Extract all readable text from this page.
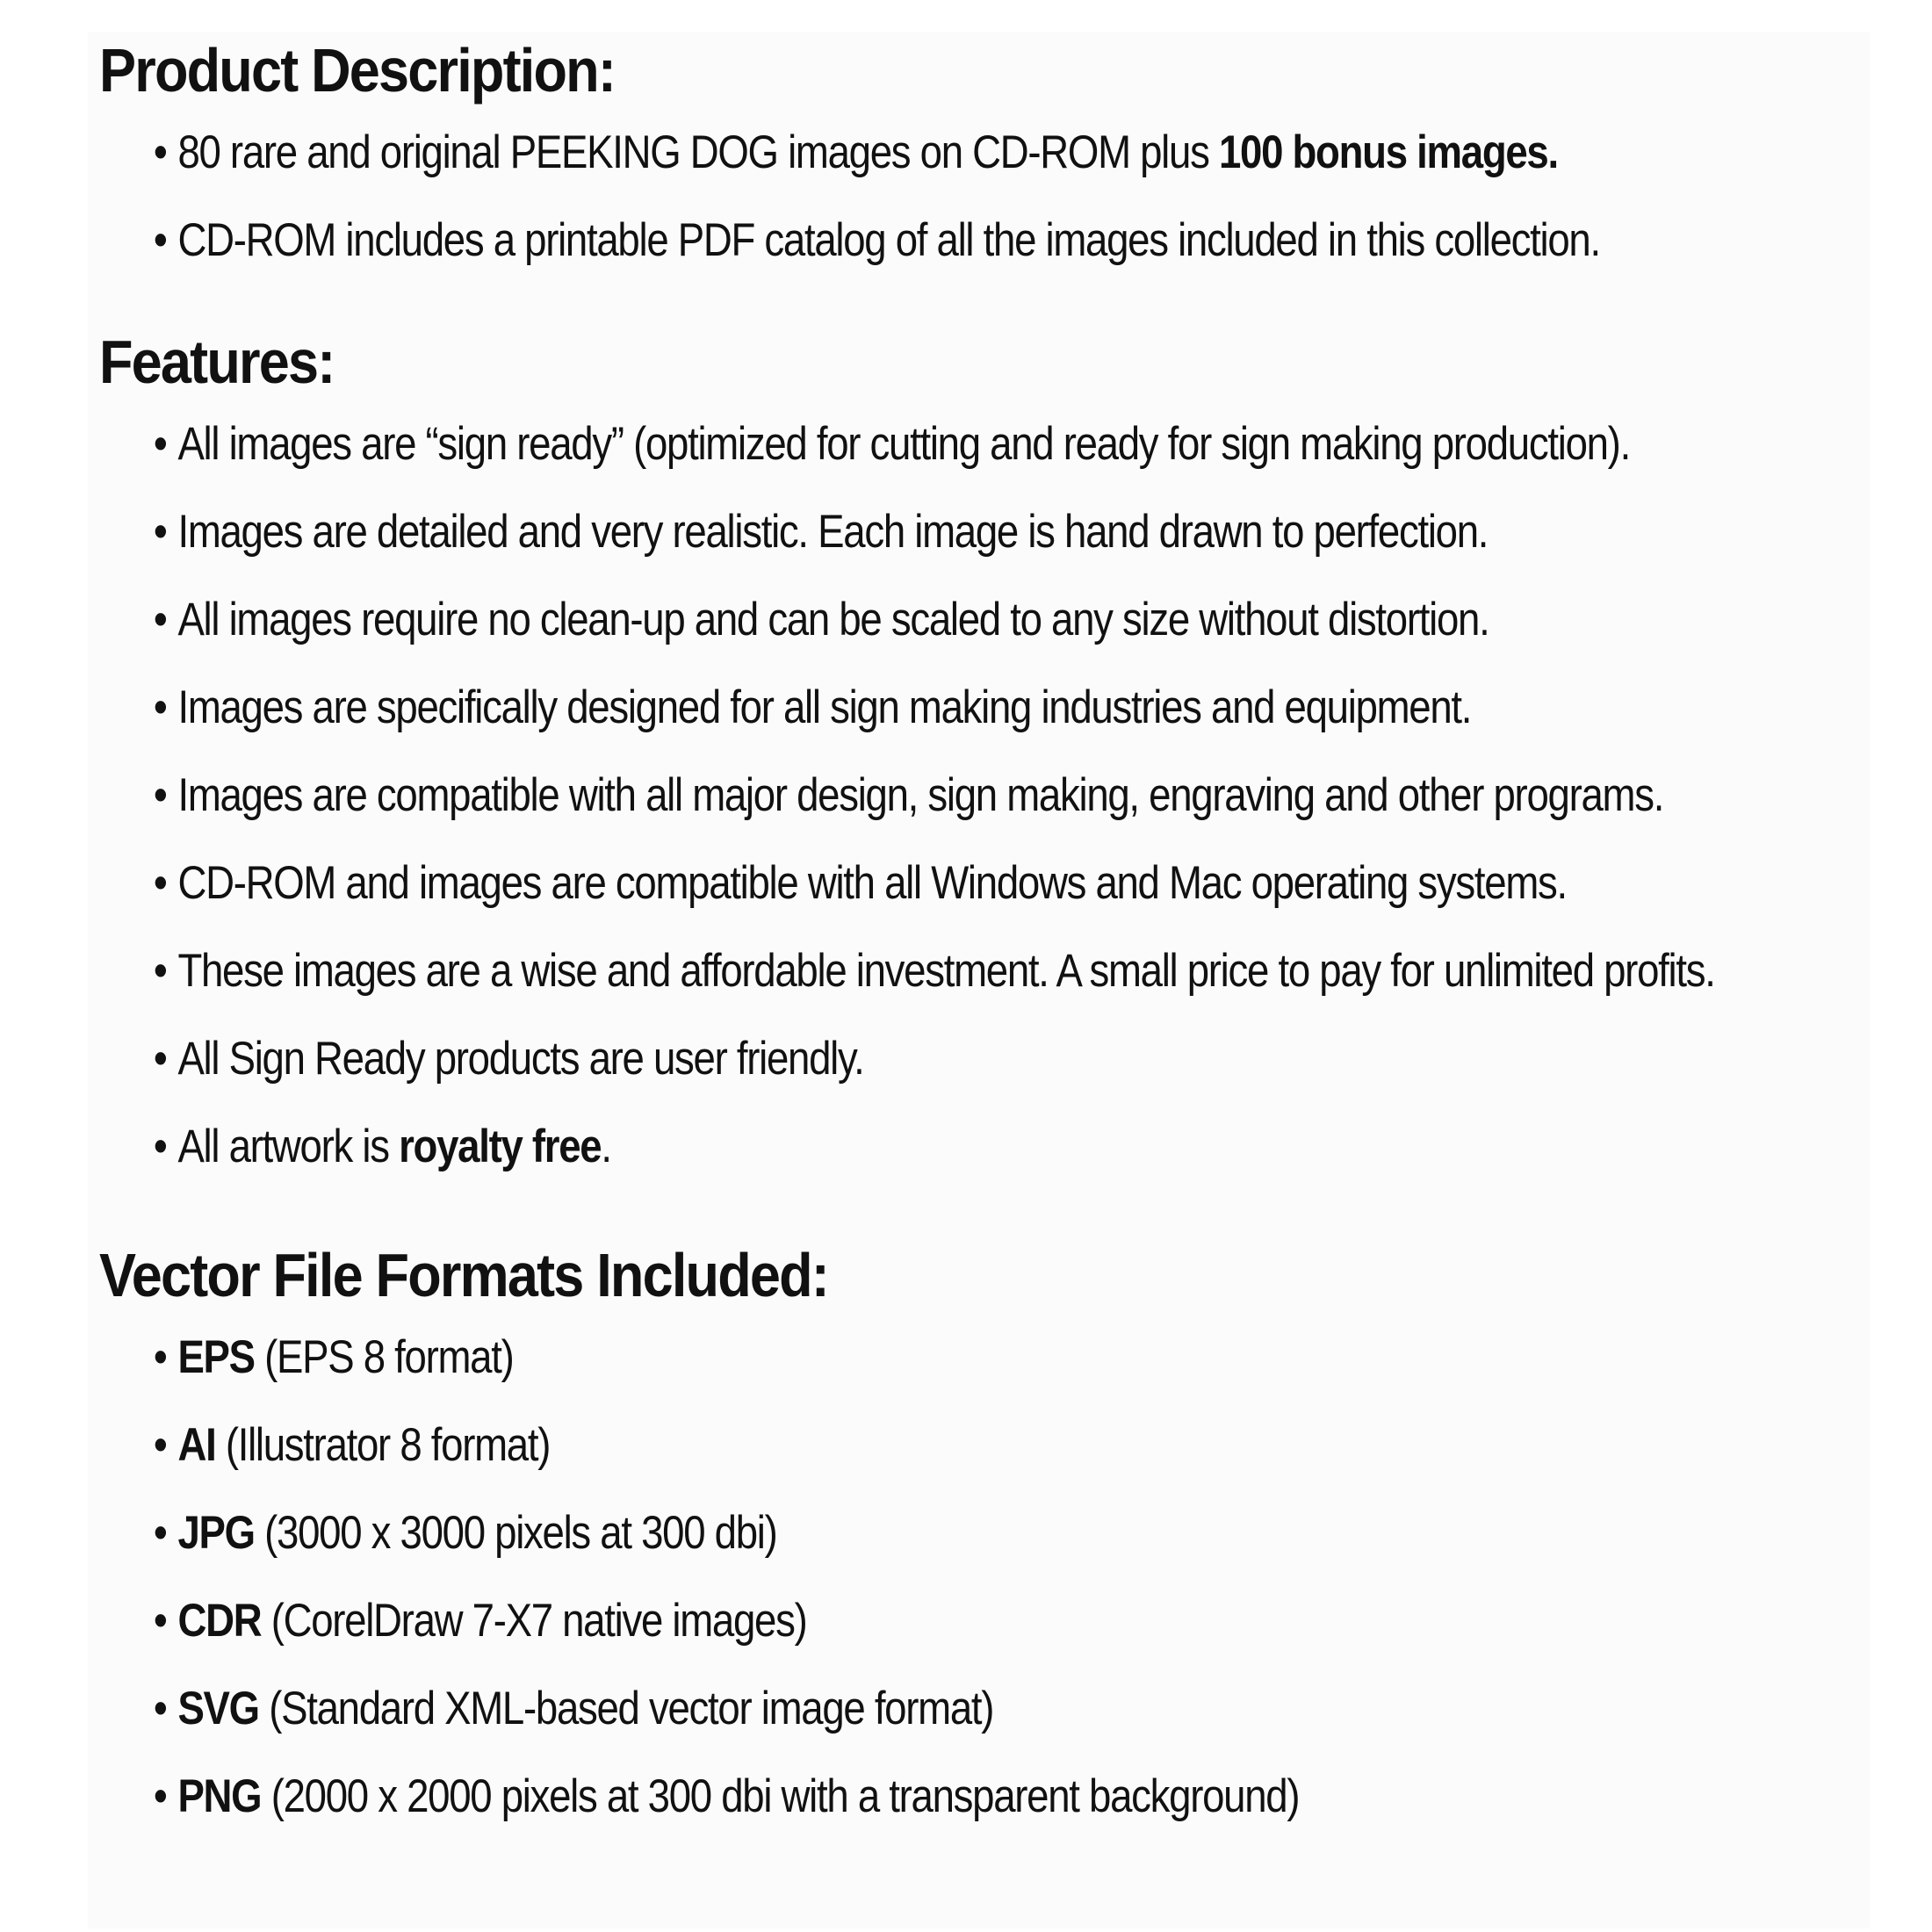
Product Description:
• 80 rare and original PEEKING DOG images on CD-ROM plus 100 bonus images.
• CD-ROM includes a printable PDF catalog of all the images included in this collection.
Features:
• All images are “sign ready” (optimized for cutting and ready for sign making production).
• Images are detailed and very realistic. Each image is hand drawn to perfection.
• All images require no clean-up and can be scaled to any size without distortion.
• Images are specifically designed for all sign making industries and equipment.
• Images are compatible with all major design, sign making, engraving and other programs.
• CD-ROM and images are compatible with all Windows and Mac operating systems.
• These images are a wise and affordable investment. A small price to pay for unlimited profits.
• All Sign Ready products are user friendly.
• All artwork is royalty free.
Vector File Formats Included:
• EPS (EPS 8 format)
• AI (Illustrator 8 format)
• JPG (3000 x 3000 pixels at 300 dbi)
• CDR (CorelDraw 7-X7 native images)
• SVG (Standard XML-based vector image format)
• PNG (2000 x 2000 pixels at 300 dbi with a transparent background)
